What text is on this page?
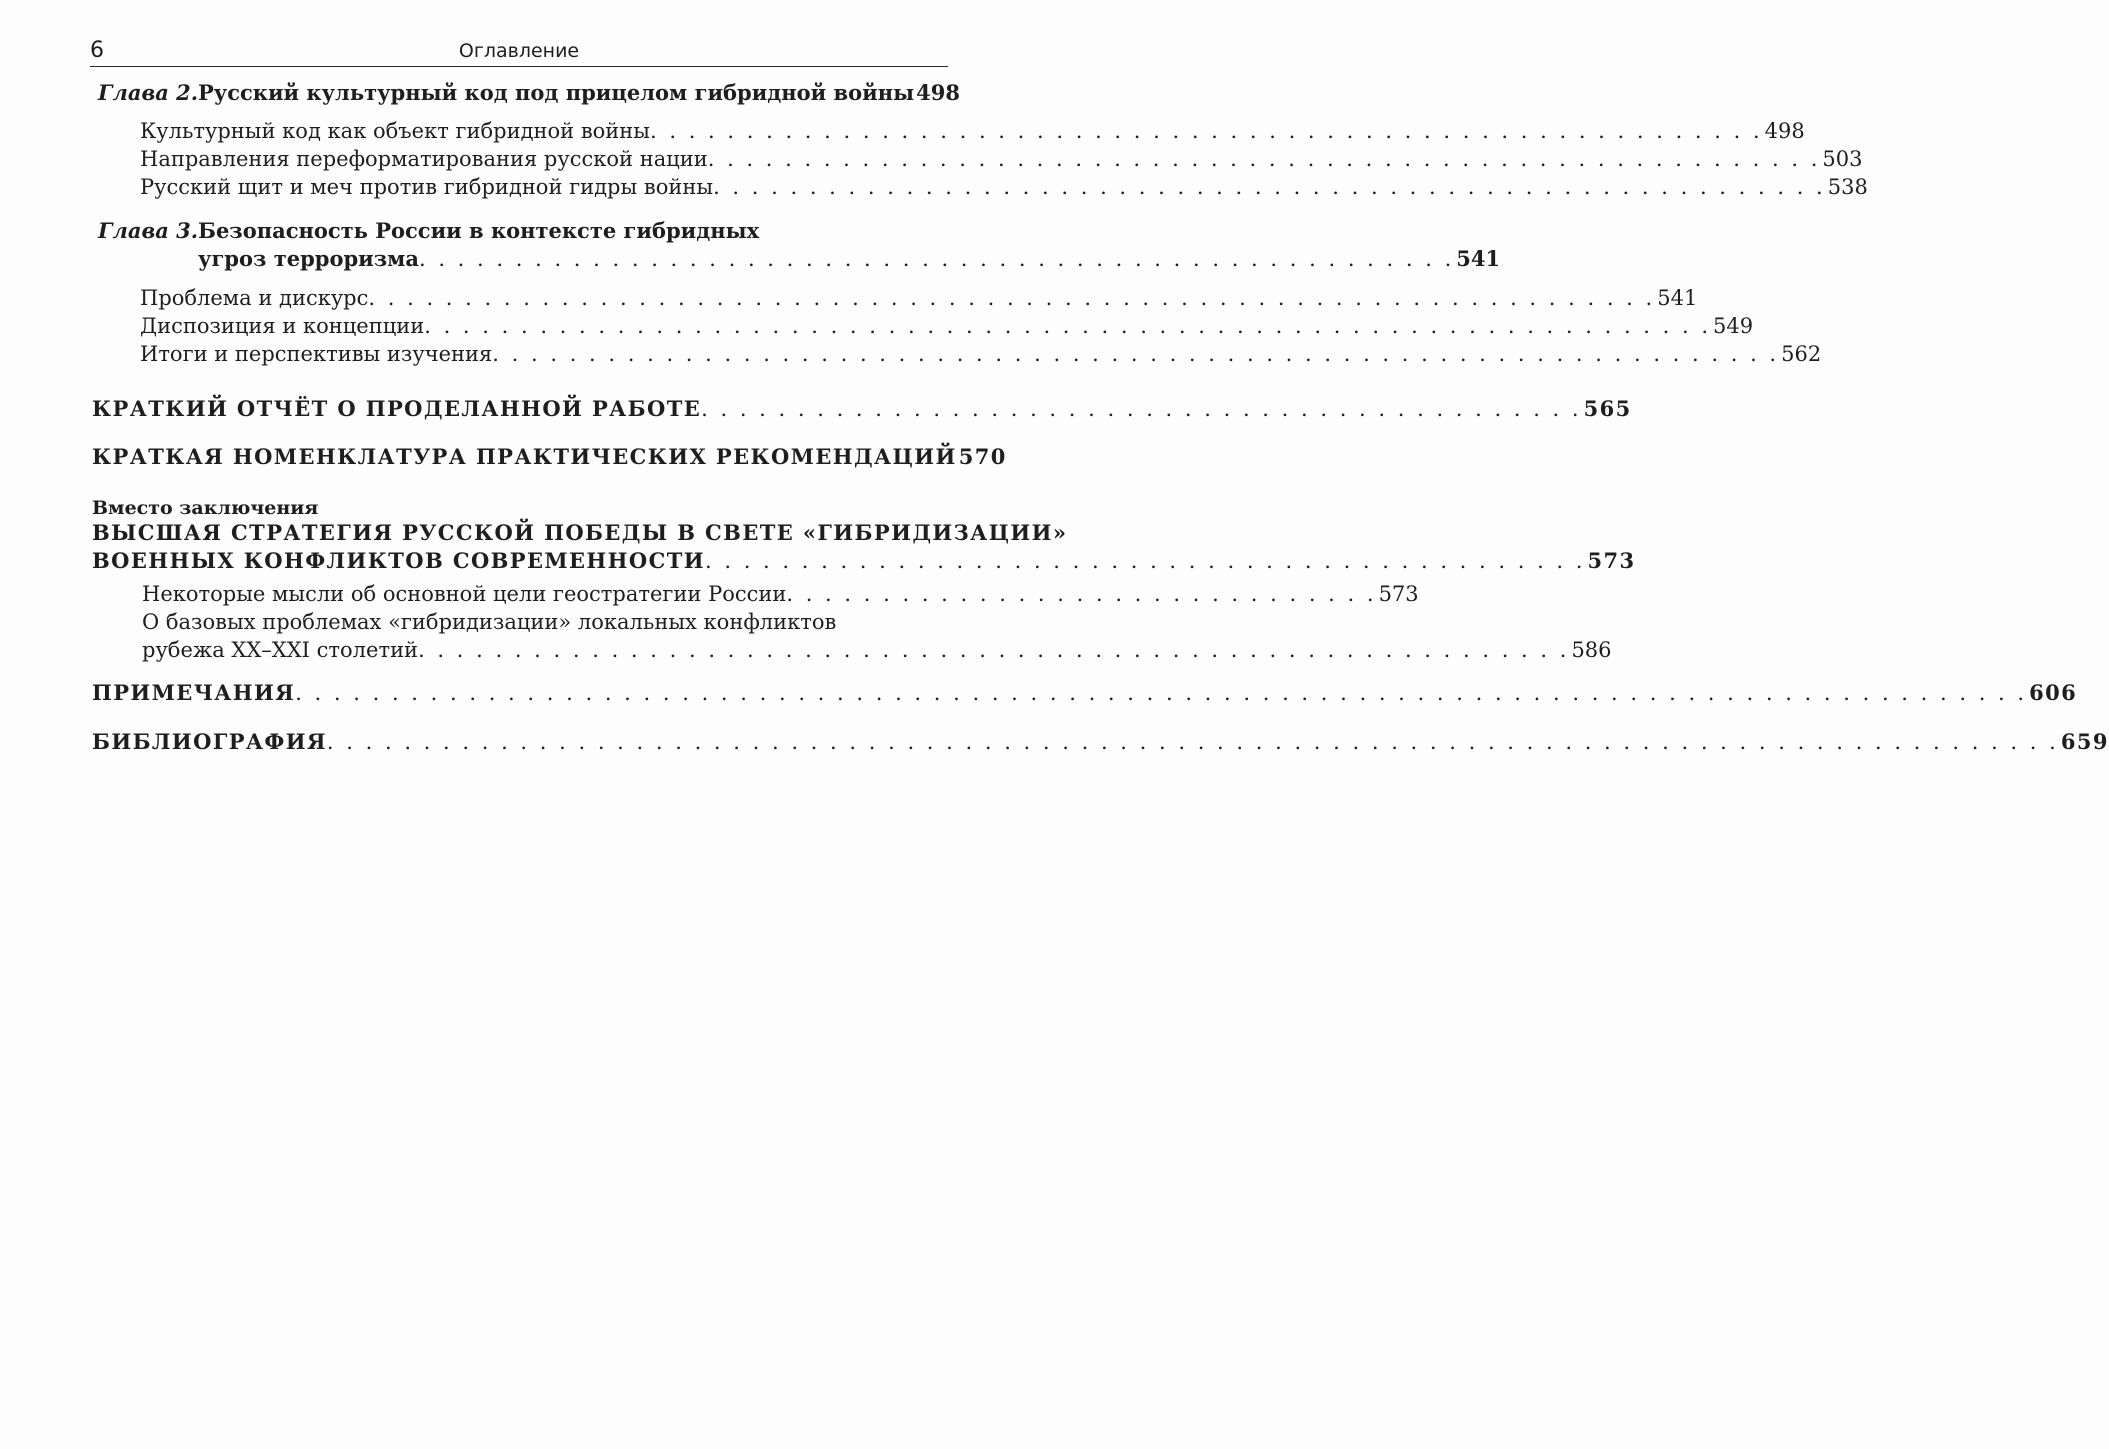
6	Оглавление
Глава 2. Русский культурный код под прицелом гибридной войны 498
Культурный код как объект гибридной войны . . . . . . . . . . . . . . . . . . . . . . . . . . . . . . . . . . . . . . . . . . . . . . . . . . . . . . . . . . 498
Направления переформатирования русской нации . . . . . . . . . . . . . . . . . . . . . . . . . . . . . . . . . . . . . . . . . . . . . . . . . . . . . . . . . . 503
Русский щит и меч против гибридной гидры войны . . . . . . . . . . . . . . . . . . . . . . . . . . . . . . . . . . . . . . . . . . . . . . . . . . . . . . . . . . 538
Глава 3. Безопасность России в контексте гибридных
угроз терроризма . . . . . . . . . . . . . . . . . . . . . . . . . . . . . . . . . . . . . . . . . . . . . . . . . . . . . . 541
Проблема и дискурс . . . . . . . . . . . . . . . . . . . . . . . . . . . . . . . . . . . . . . . . . . . . . . . . . . . . . . . . . . . . . . . . . . . 541
Диспозиция и концепции . . . . . . . . . . . . . . . . . . . . . . . . . . . . . . . . . . . . . . . . . . . . . . . . . . . . . . . . . . . . . . . . . . . 549
Итоги и перспективы изучения . . . . . . . . . . . . . . . . . . . . . . . . . . . . . . . . . . . . . . . . . . . . . . . . . . . . . . . . . . . . . . . . . . . 562
КРАТКИЙ ОТЧЁТ О ПРОДЕЛАННОЙ РАБОТЕ . . . . . . . . . . . . . . . . . . . . . . . . . . . . . . . . . . . . . . . . . . . . . . 565
КРАТКАЯ НОМЕНКЛАТУРА ПРАКТИЧЕСКИХ РЕКОМЕНДАЦИЙ 570
Вместо заключения
ВЫСШАЯ СТРАТЕГИЯ РУССКОЙ ПОБЕДЫ В СВЕТЕ «ГИБРИДИЗАЦИИ»
ВОЕННЫХ КОНФЛИКТОВ СОВРЕМЕННОСТИ . . . . . . . . . . . . . . . . . . . . . . . . . . . . . . . . . . . . . . . . . . . . . . 573
Некоторые мысли об основной цели геостратегии России . . . . . . . . . . . . . . . . . . . . . . . . . . . . . . . 573
О базовых проблемах «гибридизации» локальных конфликтов
рубежа XX–XXI столетий . . . . . . . . . . . . . . . . . . . . . . . . . . . . . . . . . . . . . . . . . . . . . . . . . . . . . . . . . . . . 586
ПРИМЕЧАНИЯ . . . . . . . . . . . . . . . . . . . . . . . . . . . . . . . . . . . . . . . . . . . . . . . . . . . . . . . . . . . . . . . . . . . . . . . . . . . . . . . . . . . . . . . . . . 606
БИБЛИОГРАФИЯ . . . . . . . . . . . . . . . . . . . . . . . . . . . . . . . . . . . . . . . . . . . . . . . . . . . . . . . . . . . . . . . . . . . . . . . . . . . . . . . . . . . . . . . . . . 659
